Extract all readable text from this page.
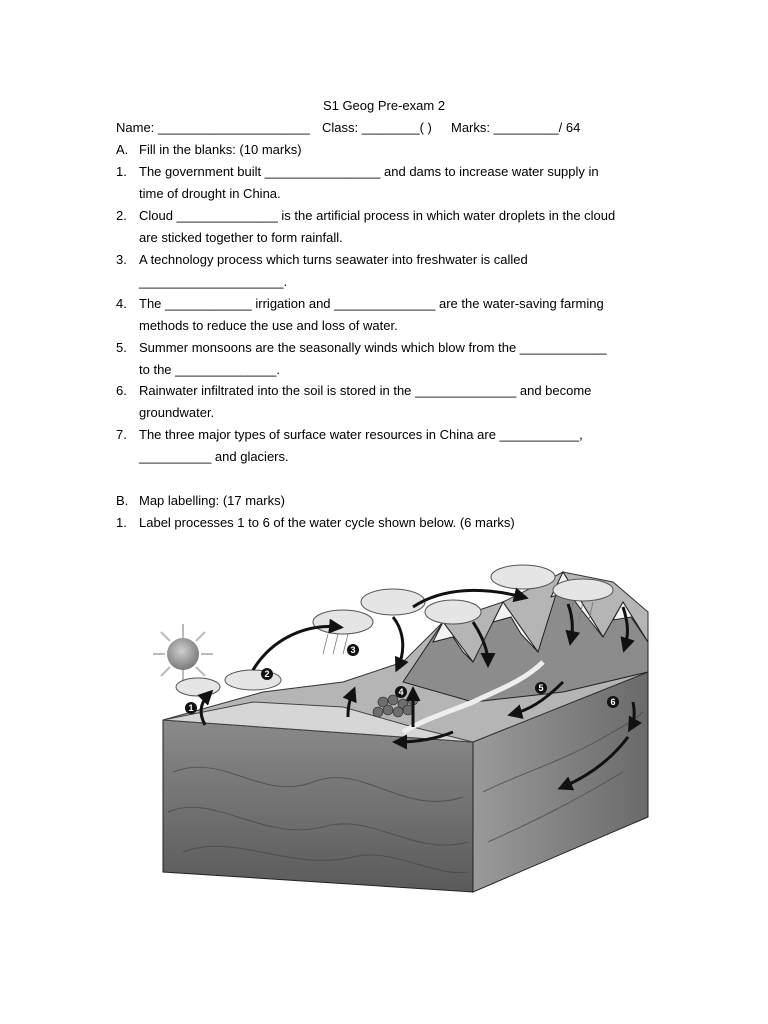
S1 Geog Pre-exam 2
Name: _____________________ Class: ________( ) Marks: _________/ 64
A. Fill in the blanks: (10 marks)
1. The government built ________________ and dams to increase water supply in
time of drought in China.
2. Cloud ______________ is the artificial process in which water droplets in the cloud
are sticked together to form rainfall.
3. A technology process which turns seawater into freshwater is called
____________________.
4. The ____________ irrigation and ______________ are the water-saving farming
methods to reduce the use and loss of water.
5. Summer monsoons are the seasonally winds which blow from the ____________
to the ______________.
6. Rainwater infiltrated into the soil is stored in the ______________ and become
groundwater.
7. The three major types of surface water resources in China are ___________,
__________ and glaciers.
B. Map labelling: (17 marks)
1. Label processes 1 to 6 of the water cycle shown below. (6 marks)
1
2
3
4	5
6
